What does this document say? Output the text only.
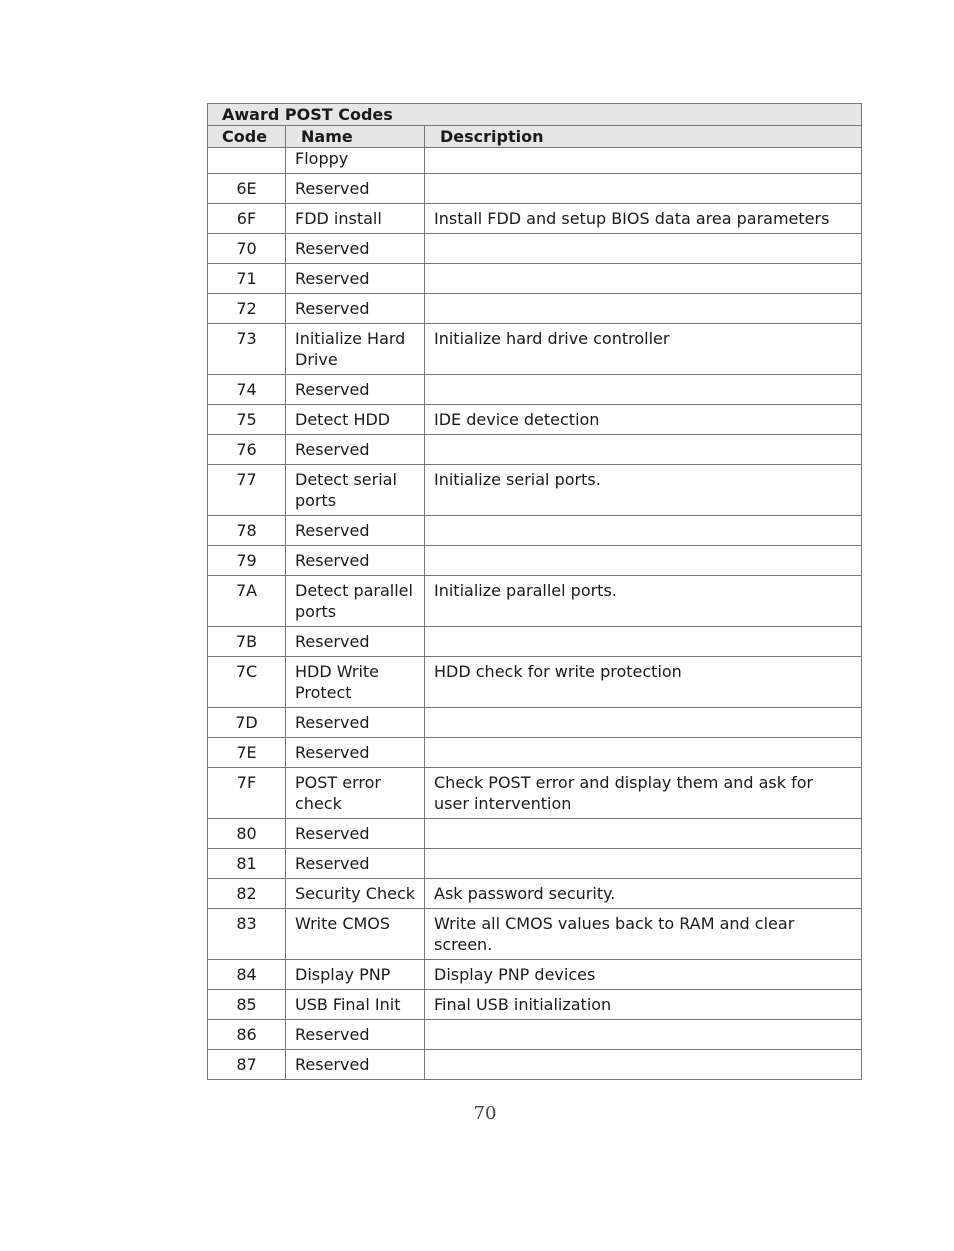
Award POST Codes		
Code	Name	Description
	Floppy	
6E	Reserved	
6F	FDD install	Install FDD and setup BIOS data area parameters
70	Reserved	
71	Reserved	
72	Reserved	
73	Initialize Hard Drive	Initialize hard drive controller
74	Reserved	
75	Detect HDD	IDE device detection
76	Reserved	
77	Detect serial ports	Initialize serial ports.
78	Reserved	
79	Reserved	
7A	Detect parallel ports	Initialize parallel ports.
7B	Reserved	
7C	HDD Write Protect	HDD check for write protection
7D	Reserved	
7E	Reserved	
7F	POST error check	Check POST error and display them and ask for user intervention
80	Reserved	
81	Reserved	
82	Security Check	Ask password security.
83	Write CMOS	Write all CMOS values back to RAM and clear screen.
84	Display PNP	Display PNP devices
85	USB Final Init	Final USB initialization
86	Reserved	
87	Reserved	
70
